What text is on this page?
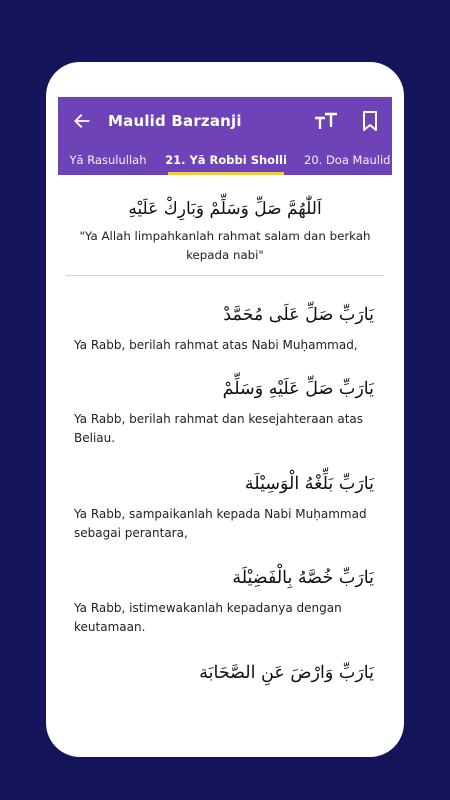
Maulid Barzanji
Yā Rasulullah 21. Yā Robbi Sholli 20. Doa Maulid
اَللّٰهُمَّ صَلِّ وَسَلِّمْ وَبَارِكْ عَلَيْهِ
"Ya Allah limpahkanlah rahmat salam dan berkah kepada nabi"
يَارَبِّ صَلِّ عَلَى مُحَمَّدْ
Ya Rabb, berilah rahmat atas Nabi Muḥammad,
يَارَبِّ صَلِّ عَلَيْهِ وَسَلِّمْ
Ya Rabb, berilah rahmat dan kesejahteraan atas Beliau.
يَارَبِّ بَلِّغْهُ الْوَسِيْلَة
Ya Rabb, sampaikanlah kepada Nabi Muḥammad sebagai perantara,
يَارَبِّ خُصَّهُ بِالْفَضِيْلَة
Ya Rabb, istimewakanlah kepadanya dengan keutamaan.
يَارَبِّ وَارْضَ عَنِ الصَّحَابَة
